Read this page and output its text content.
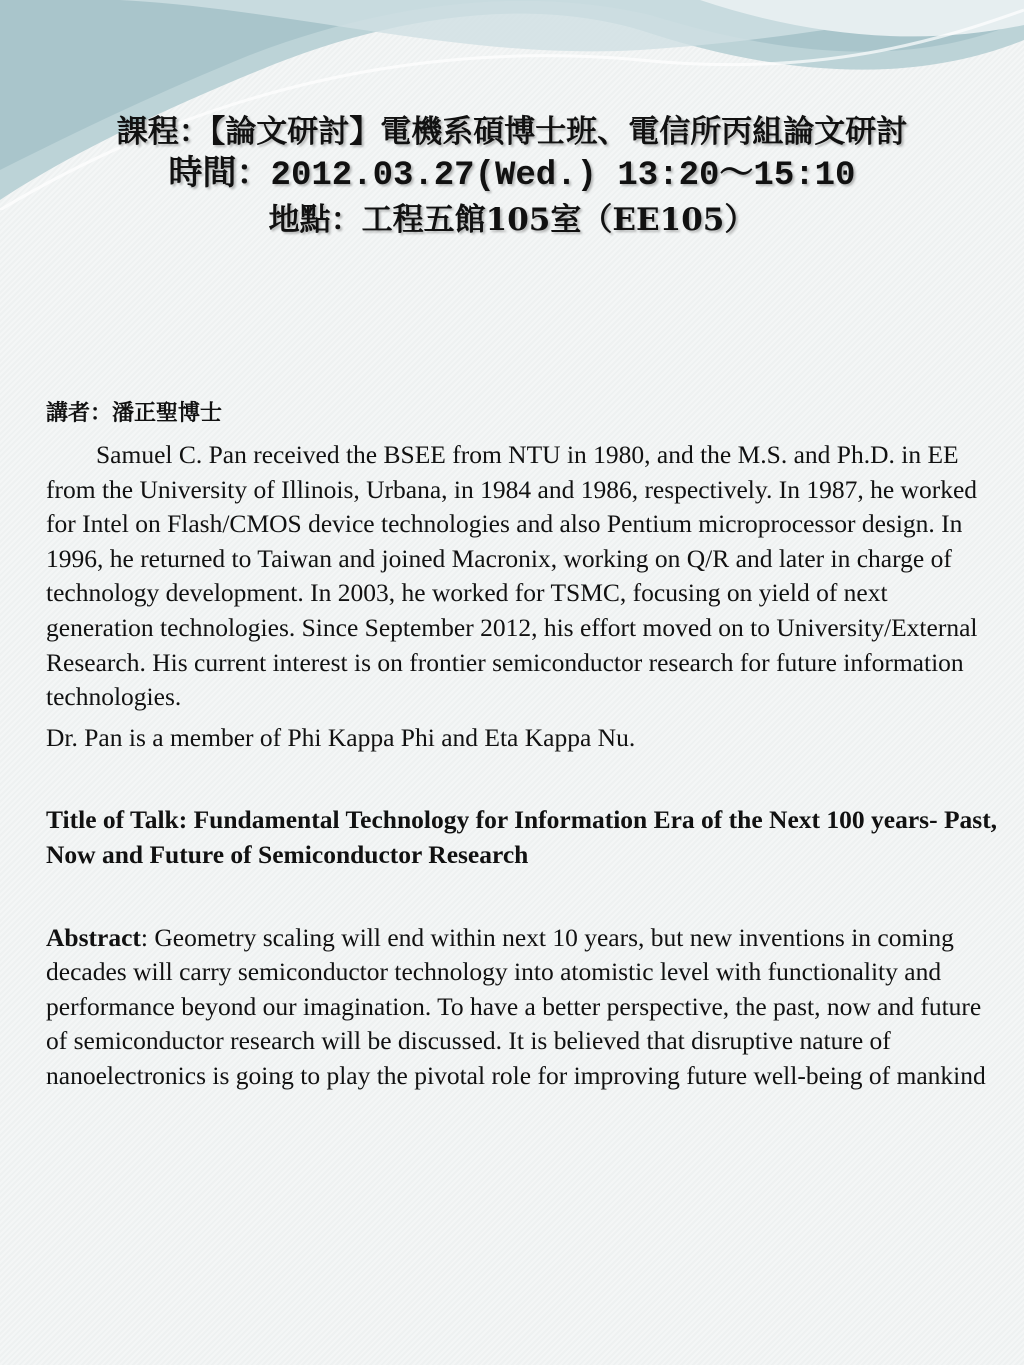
課程：【論文研討】電機系碩博士班、電信所丙組論文研討
時間：2012.03.27(Wed.) 13:20～15:10
地點：工程五館105室（EE105）
講者：潘正聖博士

Samuel C. Pan received the BSEE from NTU in 1980, and the M.S. and Ph.D. in EE from the University of Illinois, Urbana, in 1984 and 1986, respectively. In 1987, he worked for Intel on Flash/CMOS device technologies and also Pentium microprocessor design. In 1996, he returned to Taiwan and joined Macronix, working on Q/R and later in charge of technology development. In 2003, he worked for TSMC, focusing on yield of next generation technologies. Since September 2012, his effort moved on to University/External Research. His current interest is on frontier semiconductor research for future information technologies.

Dr. Pan is a member of Phi Kappa Phi and Eta Kappa Nu.

Title of Talk: Fundamental Technology for Information Era of the Next 100 years- Past, Now and Future of Semiconductor Research

Abstract: Geometry scaling will end within next 10 years, but new inventions in coming decades will carry semiconductor technology into atomistic level with functionality and performance beyond our imagination. To have a better perspective, the past, now and future of semiconductor research will be discussed. It is believed that disruptive nature of nanoelectronics is going to play the pivotal role for improving future well-being of mankind
